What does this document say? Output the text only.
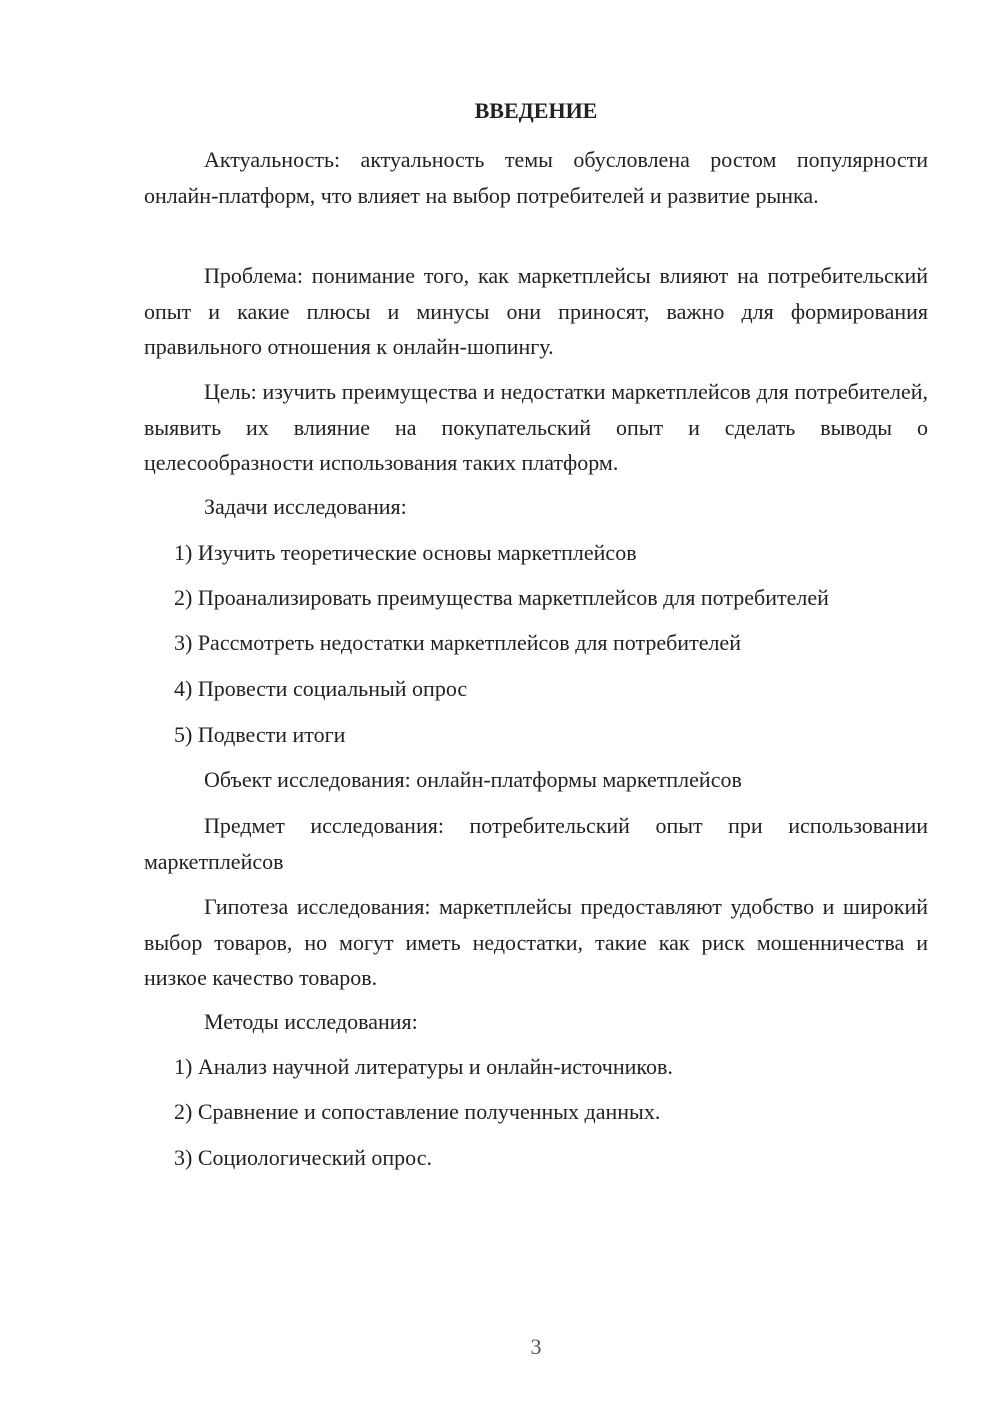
ВВЕДЕНИЕ

Актуальность: актуальность темы обусловлена ростом популярности онлайн-платформ, что влияет на выбор потребителей и развитие рынка.

Проблема: понимание того, как маркетплейсы влияют на потребительский опыт и какие плюсы и минусы они приносят, важно для формирования правильного отношения к онлайн-шопингу.

Цель: изучить преимущества и недостатки маркетплейсов для потребителей, выявить их влияние на покупательский опыт и сделать выводы о целесообразности использования таких платформ.

Задачи исследования:

1) Изучить теоретические основы маркетплейсов

2) Проанализировать преимущества маркетплейсов для потребителей

3) Рассмотреть недостатки маркетплейсов для потребителей

4) Провести социальный опрос

5) Подвести итоги

Объект исследования: онлайн-платформы маркетплейсов

Предмет исследования: потребительский опыт при использовании маркетплейсов

Гипотеза исследования: маркетплейсы предоставляют удобство и широкий выбор товаров, но могут иметь недостатки, такие как риск мошенничества и низкое качество товаров.

Методы исследования:

1) Анализ научной литературы и онлайн-источников.

2) Сравнение и сопоставление полученных данных.

3) Социологический опрос.

3
